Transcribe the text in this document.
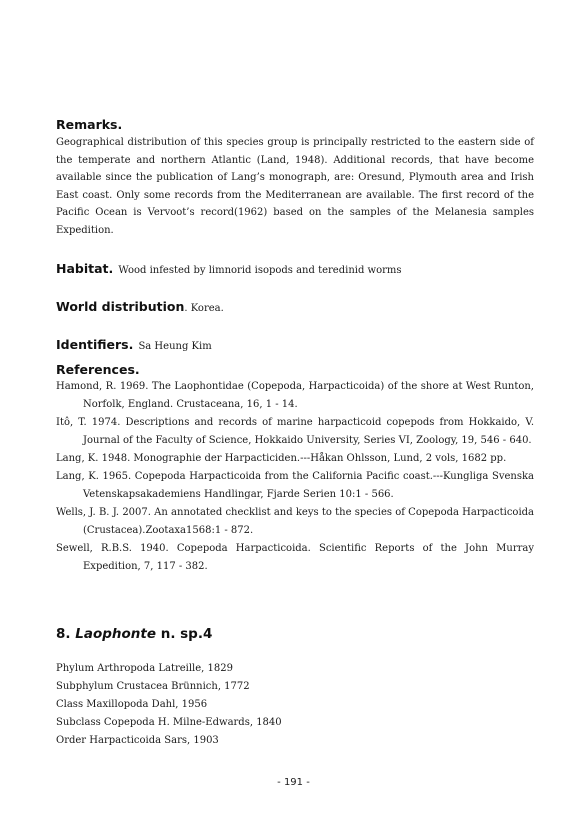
Remarks.
Geographical distribution of this species group is principally restricted to the eastern side of the temperate and northern Atlantic (Land, 1948). Additional records, that have become available since the publication of Lang’s monograph, are: Oresund, Plymouth area and Irish East coast. Only some records from the Mediterranean are available. The first record of the Pacific Ocean is Vervoot’s record(1962) based on the samples of the Melanesia samples Expedition.
Habitat. Wood infested by limnorid isopods and teredinid worms
World distribution. Korea.
Identifiers. Sa Heung Kim
References.
Hamond, R. 1969. The Laophontidae (Copepoda, Harpacticoida) of the shore at West Runton, Norfolk, England. Crustaceana, 16, 1 - 14.
Itô, T. 1974. Descriptions and records of marine harpacticoid copepods from Hokkaido, V. Journal of the Faculty of Science, Hokkaido University, Series VI, Zoology, 19, 546 - 640.
Lang, K. 1948. Monographie der Harpacticiden.---Håkan Ohlsson, Lund, 2 vols, 1682 pp.
Lang, K. 1965. Copepoda Harpacticoida from the California Pacific coast.---Kungliga Svenska Vetenskapsakademiens Handlingar, Fjarde Serien 10:1 - 566.
Wells, J. B. J. 2007. An annotated checklist and keys to the species of Copepoda Harpacticoida (Crustacea).Zootaxa1568:1 - 872.
Sewell, R.B.S. 1940. Copepoda Harpacticoida. Scientific Reports of the John Murray Expedition, 7, 117 - 382.
8. Laophonte n. sp.4
Phylum Arthropoda Latreille, 1829
Subphylum Crustacea Brünnich, 1772
Class Maxillopoda Dahl, 1956
Subclass Copepoda H. Milne-Edwards, 1840
Order Harpacticoida Sars, 1903
- 191 -
